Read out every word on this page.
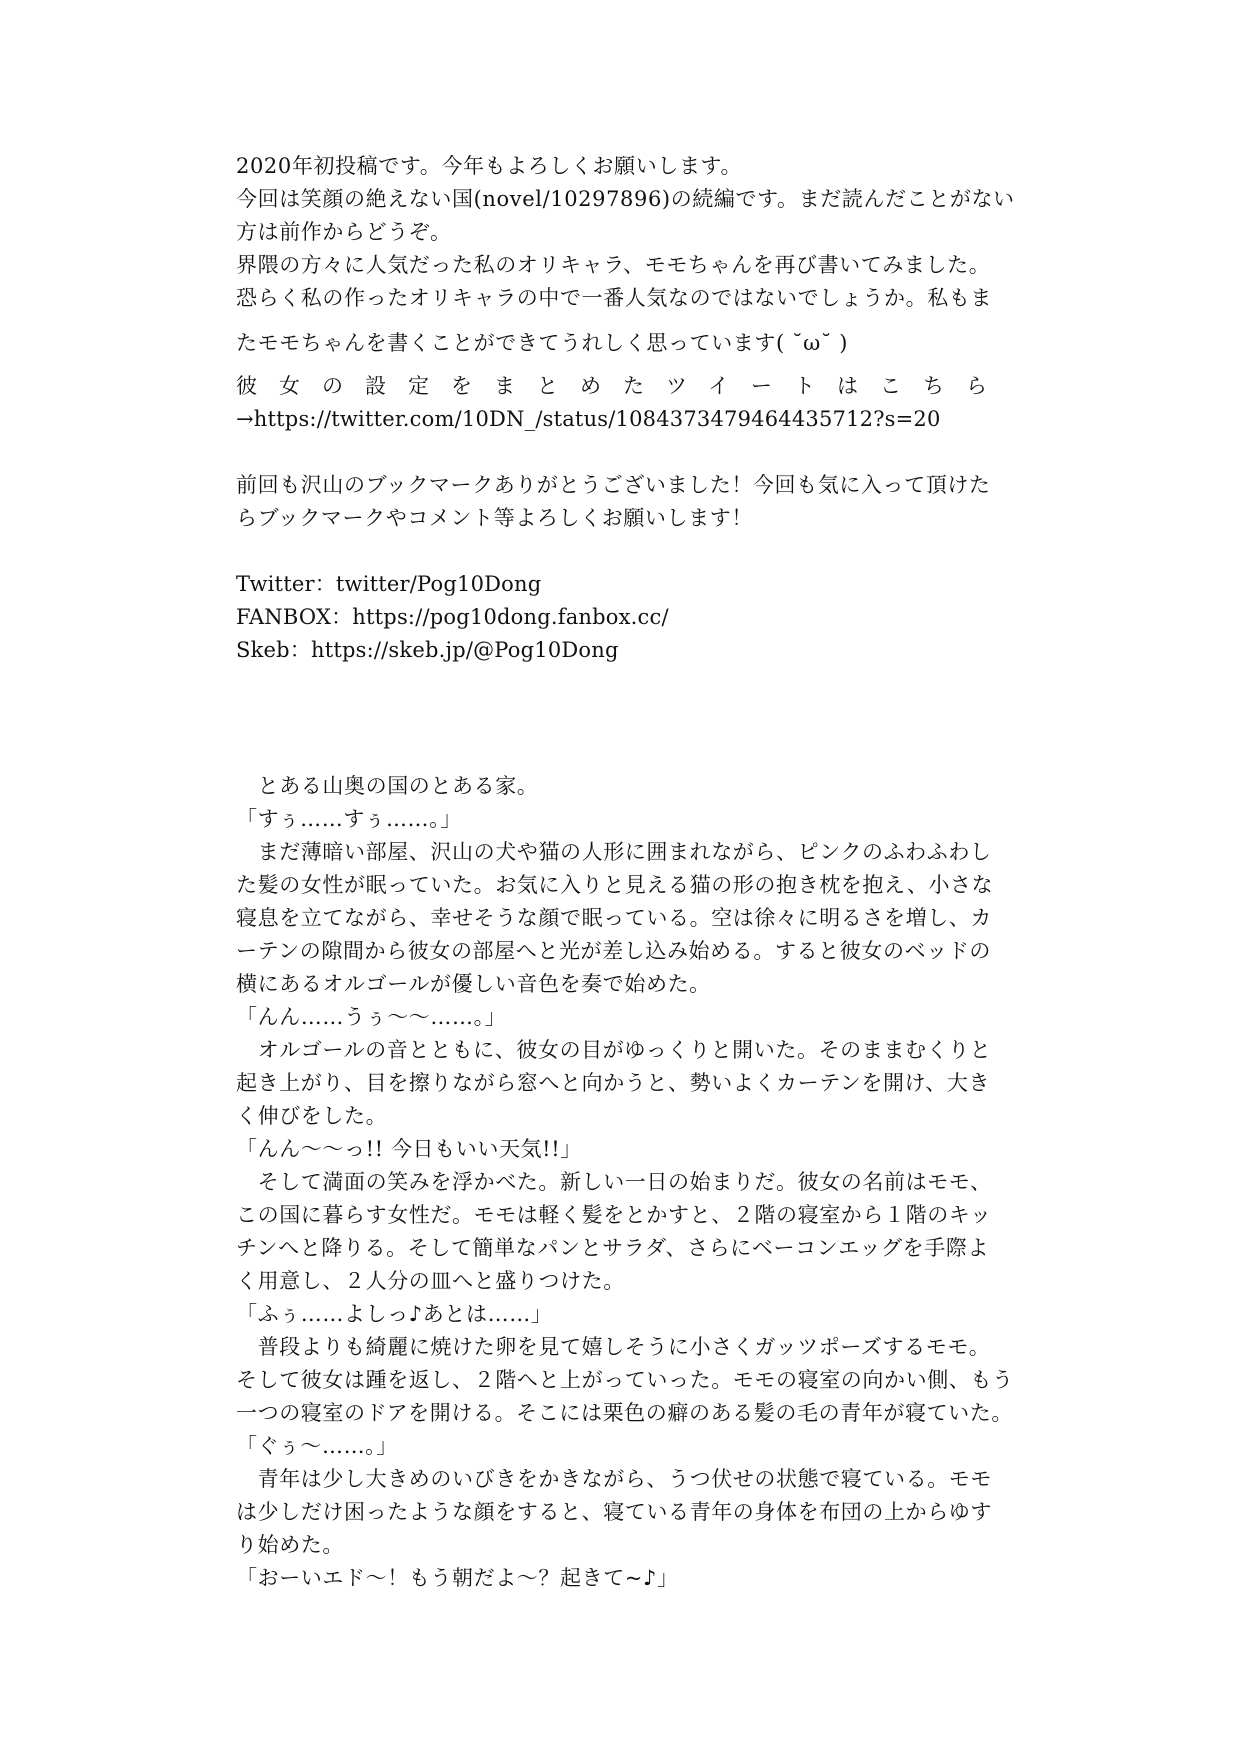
2020年初投稿です。今年もよろしくお願いします。
今回は笑顔の絶えない国(novel/10297896)の続編です。まだ読んだことがない
方は前作からどうぞ。
界隈の方々に人気だった私のオリキャラ、モモちゃんを再び書いてみました。
恐らく私の作ったオリキャラの中で一番人気なのではないでしょうか。私もま
たモモちゃんを書くことができてうれしく思っています( ˘ω˘ )
彼女の設定をまとめたツイートはこちら
→https://twitter.com/10DN_/status/1084373479464435712?s=20
前回も沢山のブックマークありがとうございました！今回も気に入って頂けた
らブックマークやコメント等よろしくお願いします！
Twitter：twitter/Pog10Dong
FANBOX：https://pog10dong.fanbox.cc/
Skeb：https://skeb.jp/@Pog10Dong
　とある山奥の国のとある家。
「すぅ……すぅ……。」
　まだ薄暗い部屋、沢山の犬や猫の人形に囲まれながら、ピンクのふわふわし
た髪の女性が眠っていた。お気に入りと見える猫の形の抱き枕を抱え、小さな
寝息を立てながら、幸せそうな顔で眠っている。空は徐々に明るさを増し、カ
ーテンの隙間から彼女の部屋へと光が差し込み始める。すると彼女のベッドの
横にあるオルゴールが優しい音色を奏で始めた。
「んん……うぅ～～……。」
　オルゴールの音とともに、彼女の目がゆっくりと開いた。そのままむくりと
起き上がり、目を擦りながら窓へと向かうと、勢いよくカーテンを開け、大き
く伸びをした。
「んん～～っ!! 今日もいい天気!!」
　そして満面の笑みを浮かべた。新しい一日の始まりだ。彼女の名前はモモ、
この国に暮らす女性だ。モモは軽く髪をとかすと、２階の寝室から１階のキッ
チンへと降りる。そして簡単なパンとサラダ、さらにベーコンエッグを手際よ
く用意し、２人分の皿へと盛りつけた。
「ふぅ……よしっ♪あとは……」
　普段よりも綺麗に焼けた卵を見て嬉しそうに小さくガッツポーズするモモ。
そして彼女は踵を返し、２階へと上がっていった。モモの寝室の向かい側、もう
一つの寝室のドアを開ける。そこには栗色の癖のある髪の毛の青年が寝ていた。
「ぐぅ～……。」
　青年は少し大きめのいびきをかきながら、うつ伏せの状態で寝ている。モモ
は少しだけ困ったような顔をすると、寝ている青年の身体を布団の上からゆす
り始めた。
「おーいエド～！もう朝だよ～？起きて~♪」
